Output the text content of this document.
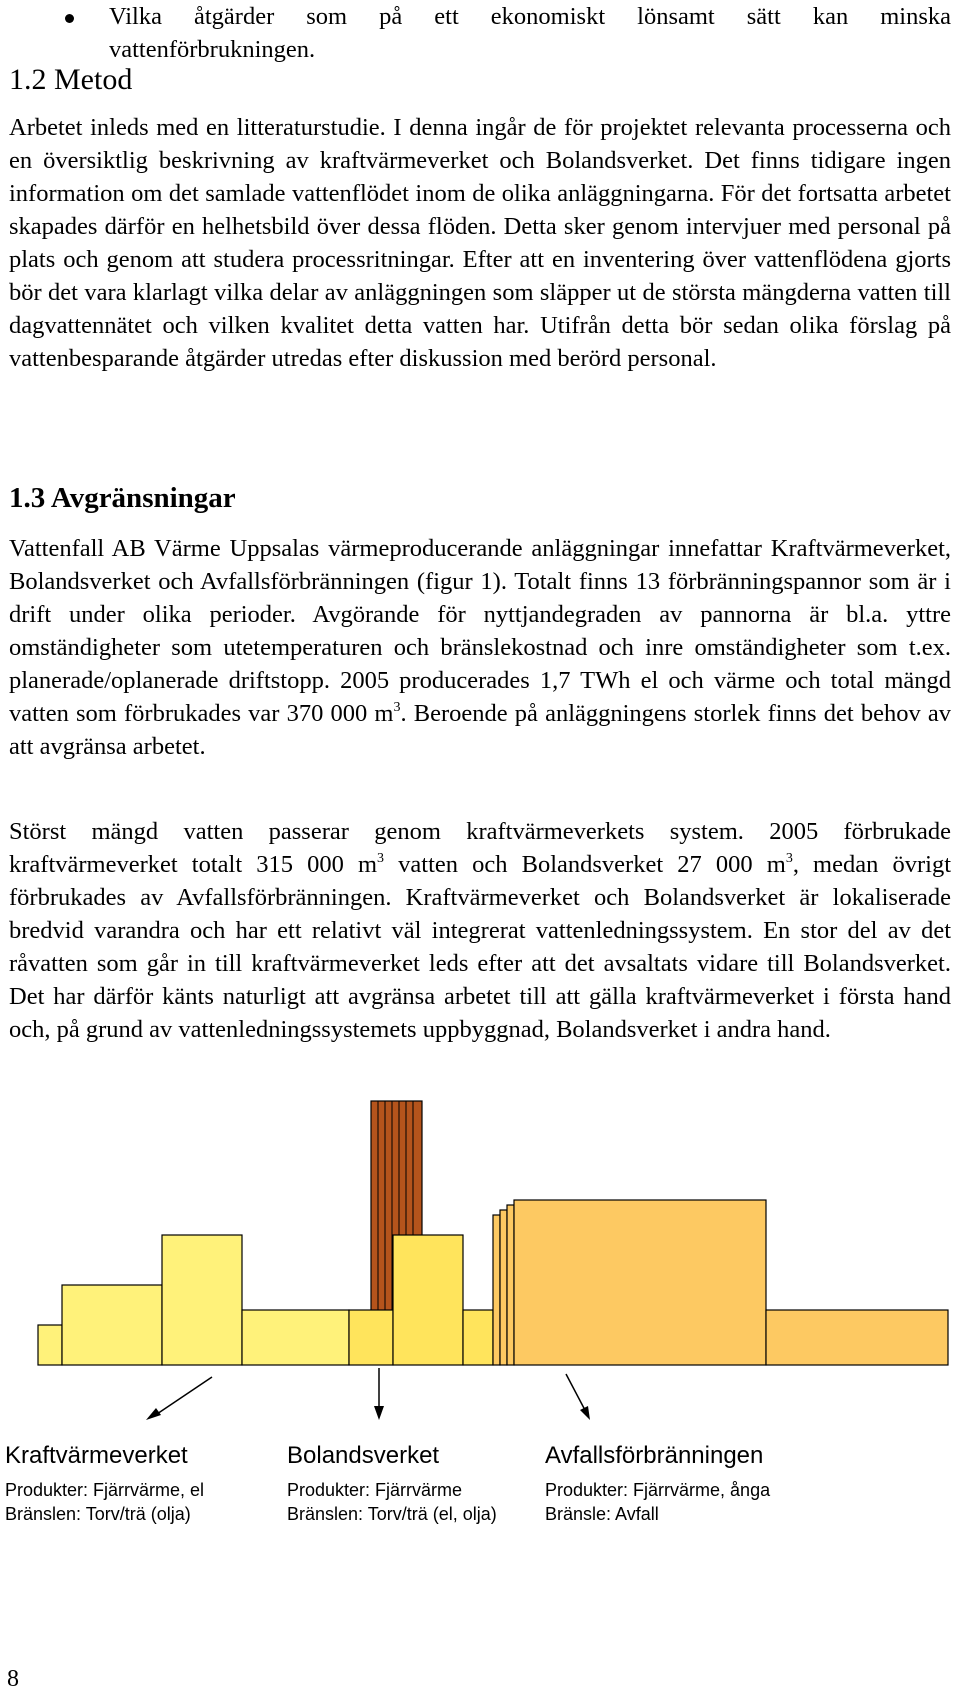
Vilka åtgärder som på ett ekonomiskt lönsamt sätt kan minska
vattenförbrukningen.

1.2 Metod

Arbetet inleds med en litteraturstudie. I denna ingår de för projektet relevanta processerna och en översiktlig beskrivning av kraftvärmeverket och Bolandsverket. Det finns tidigare ingen information om det samlade vattenflödet inom de olika anläggningarna. För det fortsatta arbetet skapades därför en helhetsbild över dessa flöden. Detta sker genom intervjuer med personal på plats och genom att studera processritningar. Efter att en inventering över vattenflödena gjorts bör det vara klarlagt vilka delar av anläggningen som släpper ut de största mängderna vatten till dagvattennätet och vilken kvalitet detta vatten har. Utifrån detta bör sedan olika förslag på vattenbesparande åtgärder utredas efter diskussion med berörd personal.

1.3 Avgränsningar

Vattenfall AB Värme Uppsalas värmeproducerande anläggningar innefattar Kraftvärmeverket, Bolandsverket och Avfallsförbränningen (figur 1). Totalt finns 13 förbränningspannor som är i drift under olika perioder. Avgörande för nyttjandegraden av pannorna är bl.a. yttre omständigheter som utetemperaturen och bränslekostnad och inre omständigheter som t.ex. planerade/oplanerade driftstopp. 2005 producerades 1,7 TWh el och värme och total mängd vatten som förbrukades var 370 000 $m^3$. Beroende på anläggningens storlek finns det behov av att avgränsa arbetet.

Störst mängd vatten passerar genom kraftvärmeverkets system. 2005 förbrukade kraftvärmeverket totalt 315 000 $m^3$ vatten och Bolandsverket 27 000 $m^3$, medan övrigt förbrukades av Avfallsförbränningen. Kraftvärmeverket och Bolandsverket är lokaliserade bredvid varandra och har ett relativt väl integrerat vattenledningssystem. En stor del av det råvatten som går in till kraftvärmeverket leds efter att det avsaltats vidare till Bolandsverket. Det har därför känts naturligt att avgränsa arbetet till att gälla kraftvärmeverket i första hand och, på grund av vattenledningssystemets uppbyggnad, Bolandsverket i andra hand.

Kraftvärmeverket
Produkter: Fjärrvärme, el
Bränslen: Torv/trä (olja)
Bolandsverket
Produkter: Fjärrvärme
Bränslen: Torv/trä (el, olja)
Avfallsförbränningen
Produkter: Fjärrvärme, ånga
Bränsle: Avfall
8
